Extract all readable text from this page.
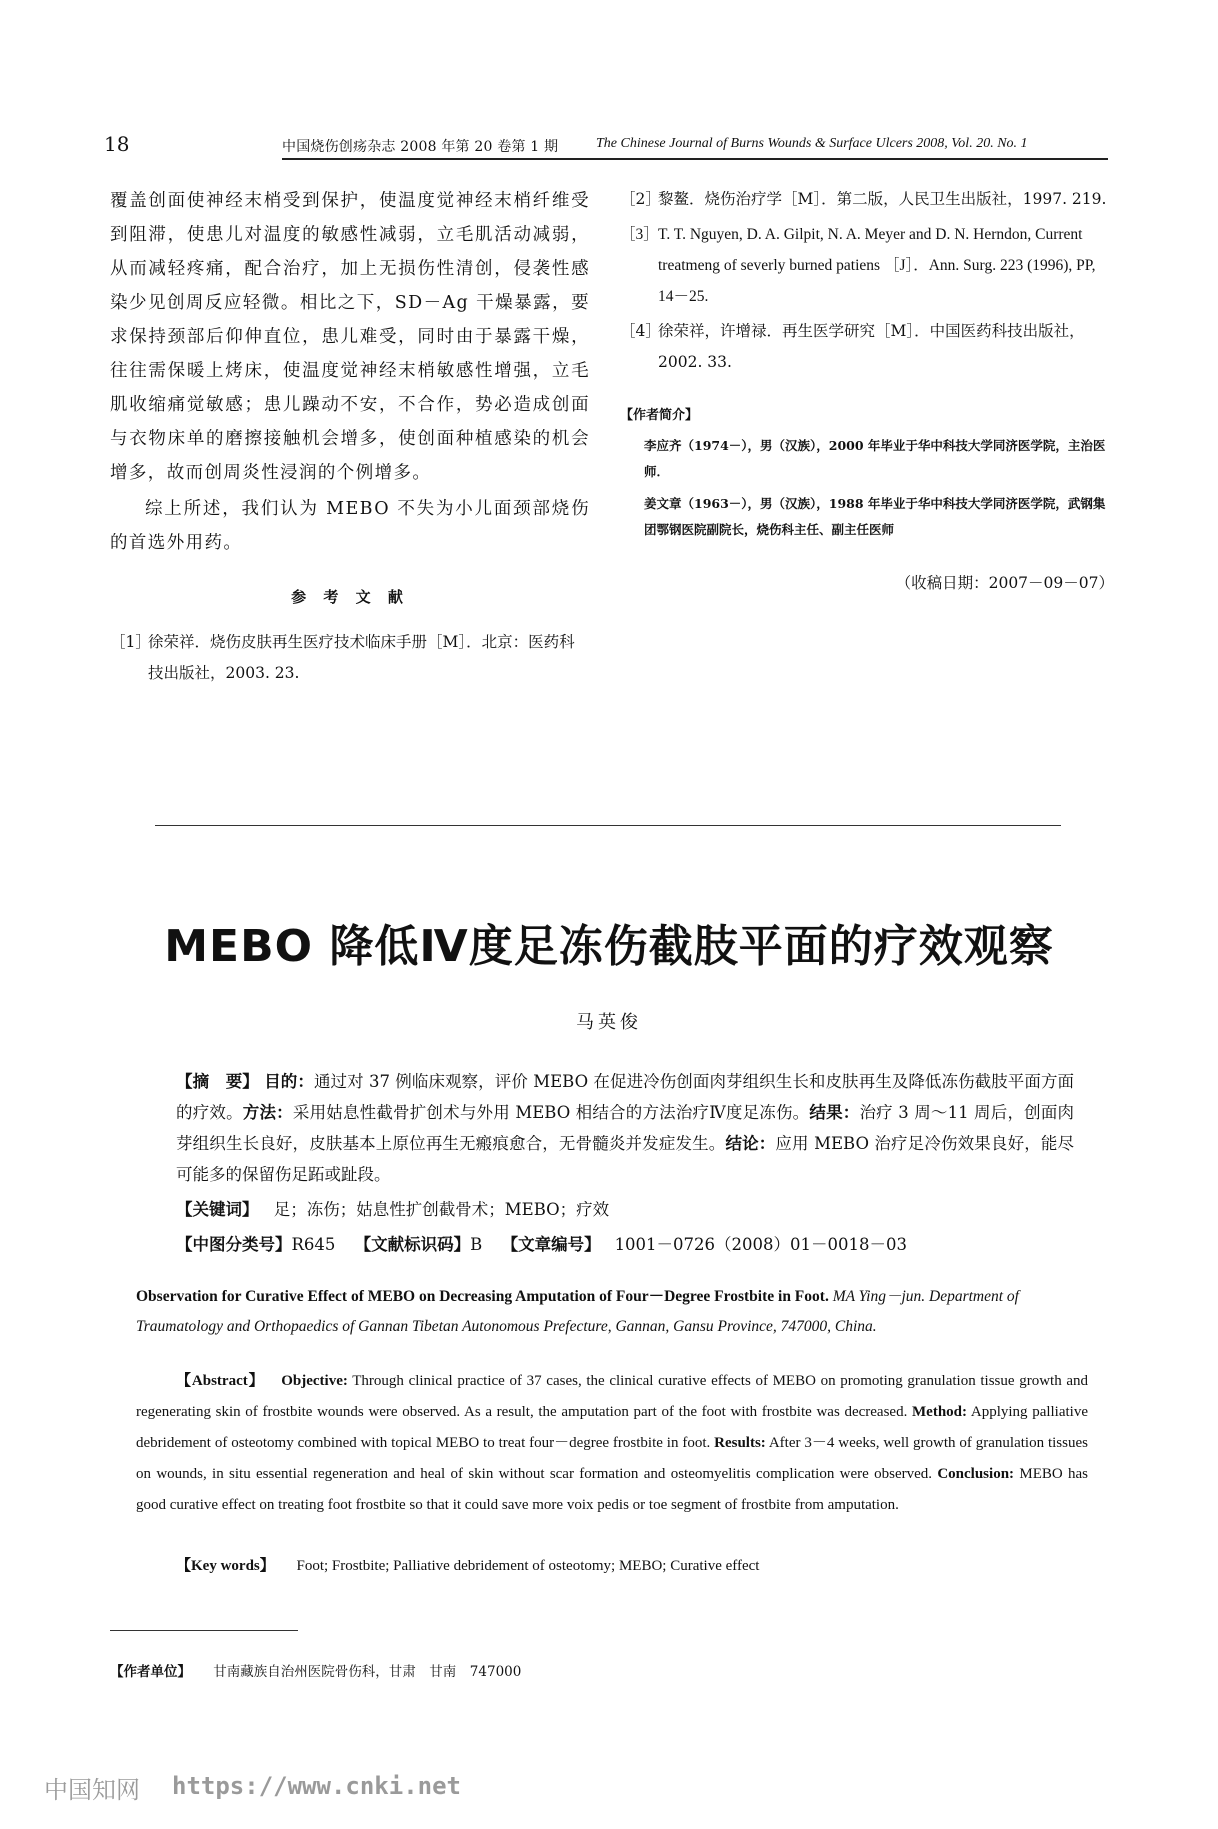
18	中国烧伤创疡杂志 2008 年第 20 卷第 1 期	The Chinese Journal of Burns Wounds & Surface Ulcers 2008, Vol. 20. No. 1

覆盖创面使神经末梢受到保护，使温度觉神经末梢纤维受到阻滞，使患儿对温度的敏感性减弱，立毛肌活动减弱，从而减轻疼痛，配合治疗，加上无损伤性清创，侵袭性感染少见创周反应轻微。相比之下，SD－Ag 干燥暴露，要求保持颈部后仰伸直位，患儿难受，同时由于暴露干燥，往往需保暖上烤床，使温度觉神经末梢敏感性增强，立毛肌收缩痛觉敏感；患儿躁动不安，不合作，势必造成创面与衣物床单的磨擦接触机会增多，使创面种植感染的机会增多，故而创周炎性浸润的个例增多。

综上所述，我们认为 MEBO 不失为小儿面颈部烧伤的首选外用药。

参 考 文 献
［1］
徐荣祥．烧伤皮肤再生医疗技术临床手册［M］．北京：医药科技出版社，2003. 23.
［2］
黎鳌．烧伤治疗学［M］．第二版，人民卫生出版社，1997. 219.
［3］ T. T. Nguyen, D. A. Gilpit, N. A. Meyer and D. N. Herndon, Current treatmeng of severly burned patiens ［J］．Ann. Surg. 223 (1996), PP, 14－25.
［4］
徐荣祥，许增禄．再生医学研究［M］．中国医药科技出版社，2002. 33.
【作者简介】
李应齐（1974－），男（汉族），2000 年毕业于华中科技大学同济医学院，主治医师．
姜文章（1963－），男（汉族），1988 年毕业于华中科技大学同济医学院，武钢集团鄂钢医院副院长，烧伤科主任、副主任医师
（收稿日期：2007－09－07）
MEBO 降低Ⅳ度足冻伤截肢平面的疗效观察
马英俊
【摘　要】 目的：通过对 37 例临床观察，评价 MEBO 在促进冷伤创面肉芽组织生长和皮肤再生及降低冻伤截肢平面方面的疗效。方法：采用姑息性截骨扩创术与外用 MEBO 相结合的方法治疗Ⅳ度足冻伤。结果：治疗 3 周～11 周后，创面肉芽组织生长良好，皮肤基本上原位再生无瘢痕愈合，无骨髓炎并发症发生。结论：应用 MEBO 治疗足冷伤效果良好，能尽可能多的保留伤足跖或趾段。
【关键词】 足；冻伤；姑息性扩创截骨术；MEBO；疗效
【中图分类号】R645 【文献标识码】B 【文章编号】 1001－0726（2008）01－0018－03
Observation for Curative Effect of MEBO on Decreasing Amputation of Four－Degree Frostbite in Foot. MA Ying－jun. Department of Traumatology and Orthopaedics of Gannan Tibetan Autonomous Prefecture, Gannan, Gansu Province, 747000, China.
【Abstract】 Objective: Through clinical practice of 37 cases, the clinical curative effects of MEBO on promoting granulation tissue growth and regenerating skin of frostbite wounds were observed. As a result, the amputation part of the foot with frostbite was decreased. Method: Applying palliative debridement of osteotomy combined with topical MEBO to treat four－degree frostbite in foot. Results: After 3－4 weeks, well growth of granulation tissues on wounds, in situ essential regeneration and heal of skin without scar formation and osteomyelitis complication were observed. Conclusion: MEBO has good curative effect on treating foot frostbite so that it could save more voix pedis or toe segment of frostbite from amputation.
【Key words】 Foot; Frostbite; Palliative debridement of osteotomy; MEBO; Curative effect
【作者单位】 甘南藏族自治州医院骨伤科，甘肃　甘南　747000
中国知网 https://www.cnki.net
